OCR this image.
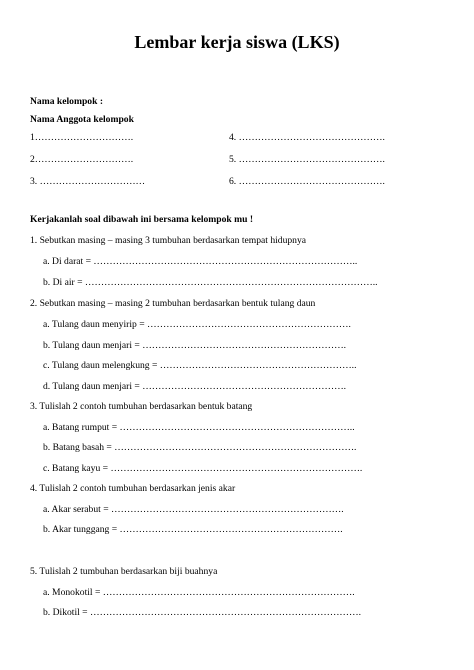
Lembar kerja siswa (LKS)
Nama kelompok :
Nama Anggota kelompok
1………………………….
2………………………….
3. ……………………………
4. ……………………………………….
5. ……………………………………….
6. ……………………………………….
Kerjakanlah soal dibawah ini bersama kelompok mu !
1. Sebutkan masing – masing 3 tumbuhan berdasarkan tempat hidupnya
a. Di darat = ………………………………………………………………………..
b. Di air = ………………………………………………………………………………..
2. Sebutkan masing – masing 2 tumbuhan berdasarkan bentuk tulang daun
a. Tulang daun menyirip = ……………………………………………………….
b. Tulang daun menjari = ……………………………………………………….
c. Tulang daun melengkung = ……………………………………………………..
d. Tulang daun menjari = ……………………………………………………….
3. Tulislah 2 contoh tumbuhan berdasarkan bentuk batang
a. Batang rumput = ………………………………………………………………..
b. Batang basah = ………………………………………………………………….
c. Batang kayu = …………………………………………………………………….
4. Tulislah 2 contoh tumbuhan berdasarkan jenis akar
a. Akar serabut = ……………………………………………………………….
b. Akar tunggang = …………………………………………………………….
5. Tulislah 2 tumbuhan berdasarkan biji buahnya
a. Monokotil = …………………………………………………………………….
b. Dikotil = ………………………………………………………………………….
